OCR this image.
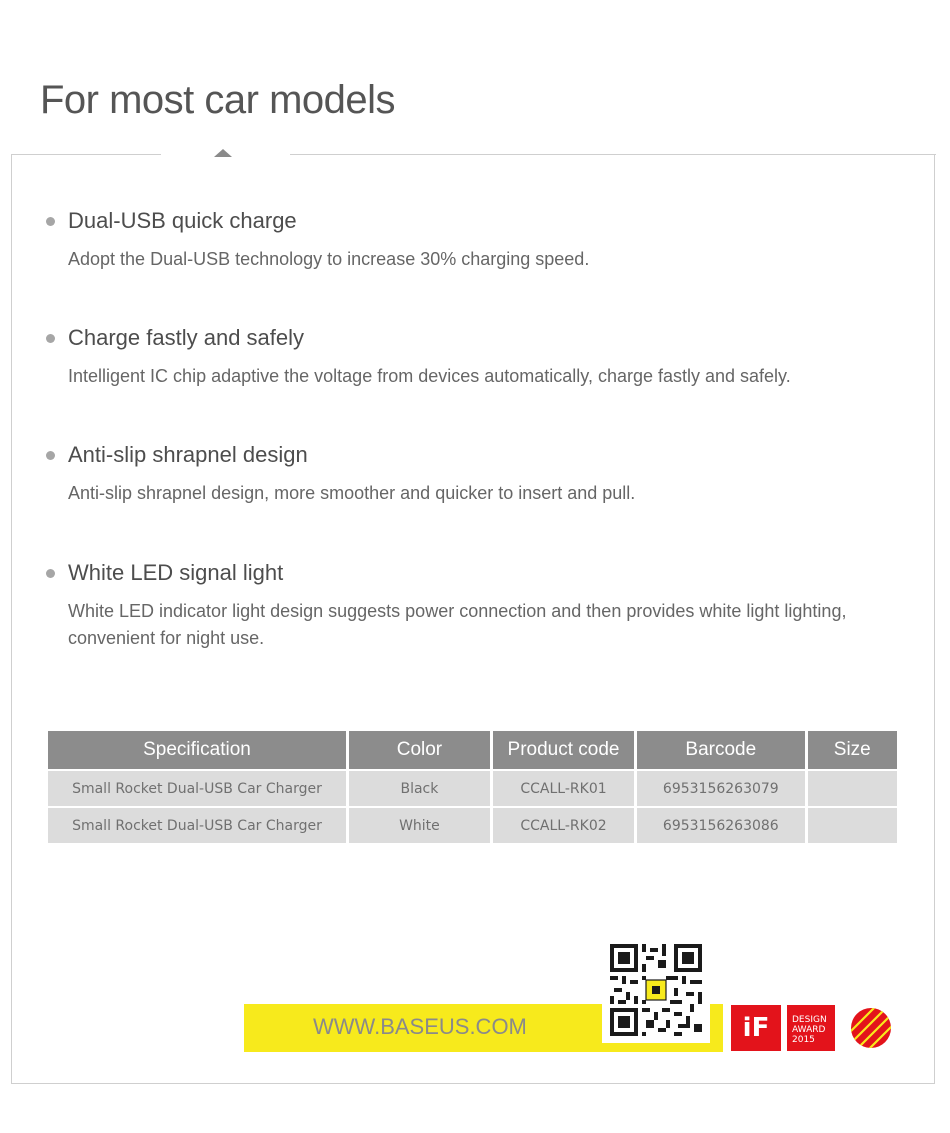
For most car models
Dual-USB quick charge

Adopt the Dual-USB technology to increase 30% charging speed.

Charge fastly and safely

Intelligent IC chip adaptive the voltage from devices automatically, charge fastly and safely.

Anti-slip shrapnel design

Anti-slip shrapnel design, more smoother and quicker to insert and pull.

White LED signal light

White LED indicator light design suggests power connection and then provides white light lighting, convenient for night use.

Specification	Color	Product code	Barcode	Size
Small Rocket Dual-USB Car Charger	Black	CCALL-RK01	6953156263079	
Small Rocket Dual-USB Car Charger	White	CCALL-RK02	6953156263086	
WWW.BASEUS.COM	iF	DESIGN
AWARD
2015
